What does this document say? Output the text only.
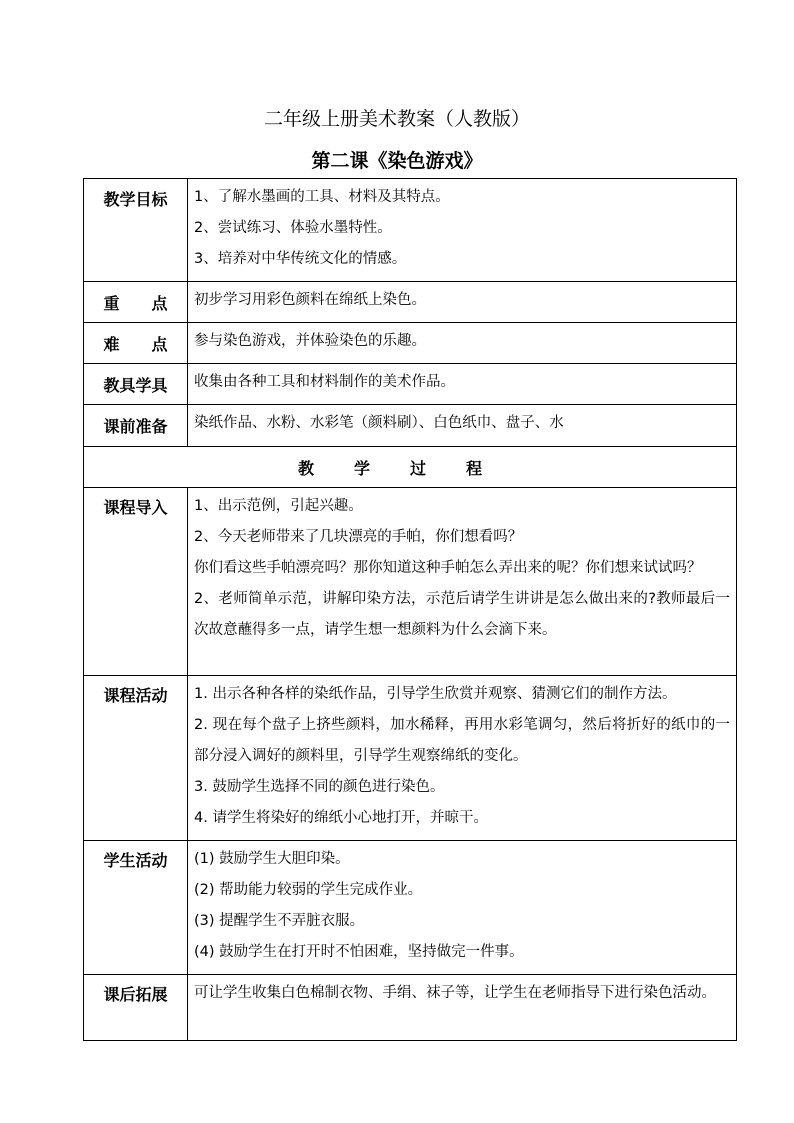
二年级上册美术教案（人教版）
第二课《染色游戏》
教学目标	1、了解水墨画的工具、材料及其特点。

2、尝试练习、体验水墨特性。

3、培养对中华传统文化的情感。

重　　点	初步学习用彩色颜料在绵纸上染色。

难　　点	参与染色游戏，并体验染色的乐趣。

教具学具	收集由各种工具和材料制作的美术作品。

课前准备	染纸作品、水粉、水彩笔（颜料刷）、白色纸巾、盘子、水

教学过程	
课程导入	1、出示范例，引起兴趣。

2、今天老师带来了几块漂亮的手帕，你们想看吗？

你们看这些手帕漂亮吗？那你知道这种手帕怎么弄出来的呢？你们想来试试吗？

2、老师简单示范，讲解印染方法，示范后请学生讲讲是怎么做出来的?教师最后一次故意蘸得多一点，请学生想一想颜料为什么会滴下来。

课程活动	1. 出示各种各样的染纸作品，引导学生欣赏并观察、猜测它们的制作方法。

2. 现在每个盘子上挤些颜料，加水稀释，再用水彩笔调匀，然后将折好的纸巾的一部分浸入调好的颜料里，引导学生观察绵纸的变化。

3. 鼓励学生选择不同的颜色进行染色。

4. 请学生将染好的绵纸小心地打开，并晾干。

学生活动	(1) 鼓励学生大胆印染。

(2) 帮助能力较弱的学生完成作业。

(3) 提醒学生不弄脏衣服。

(4) 鼓励学生在打开时不怕困难，坚持做完一件事。

课后拓展	可让学生收集白色棉制衣物、手绢、袜子等，让学生在老师指导下进行染色活动。
